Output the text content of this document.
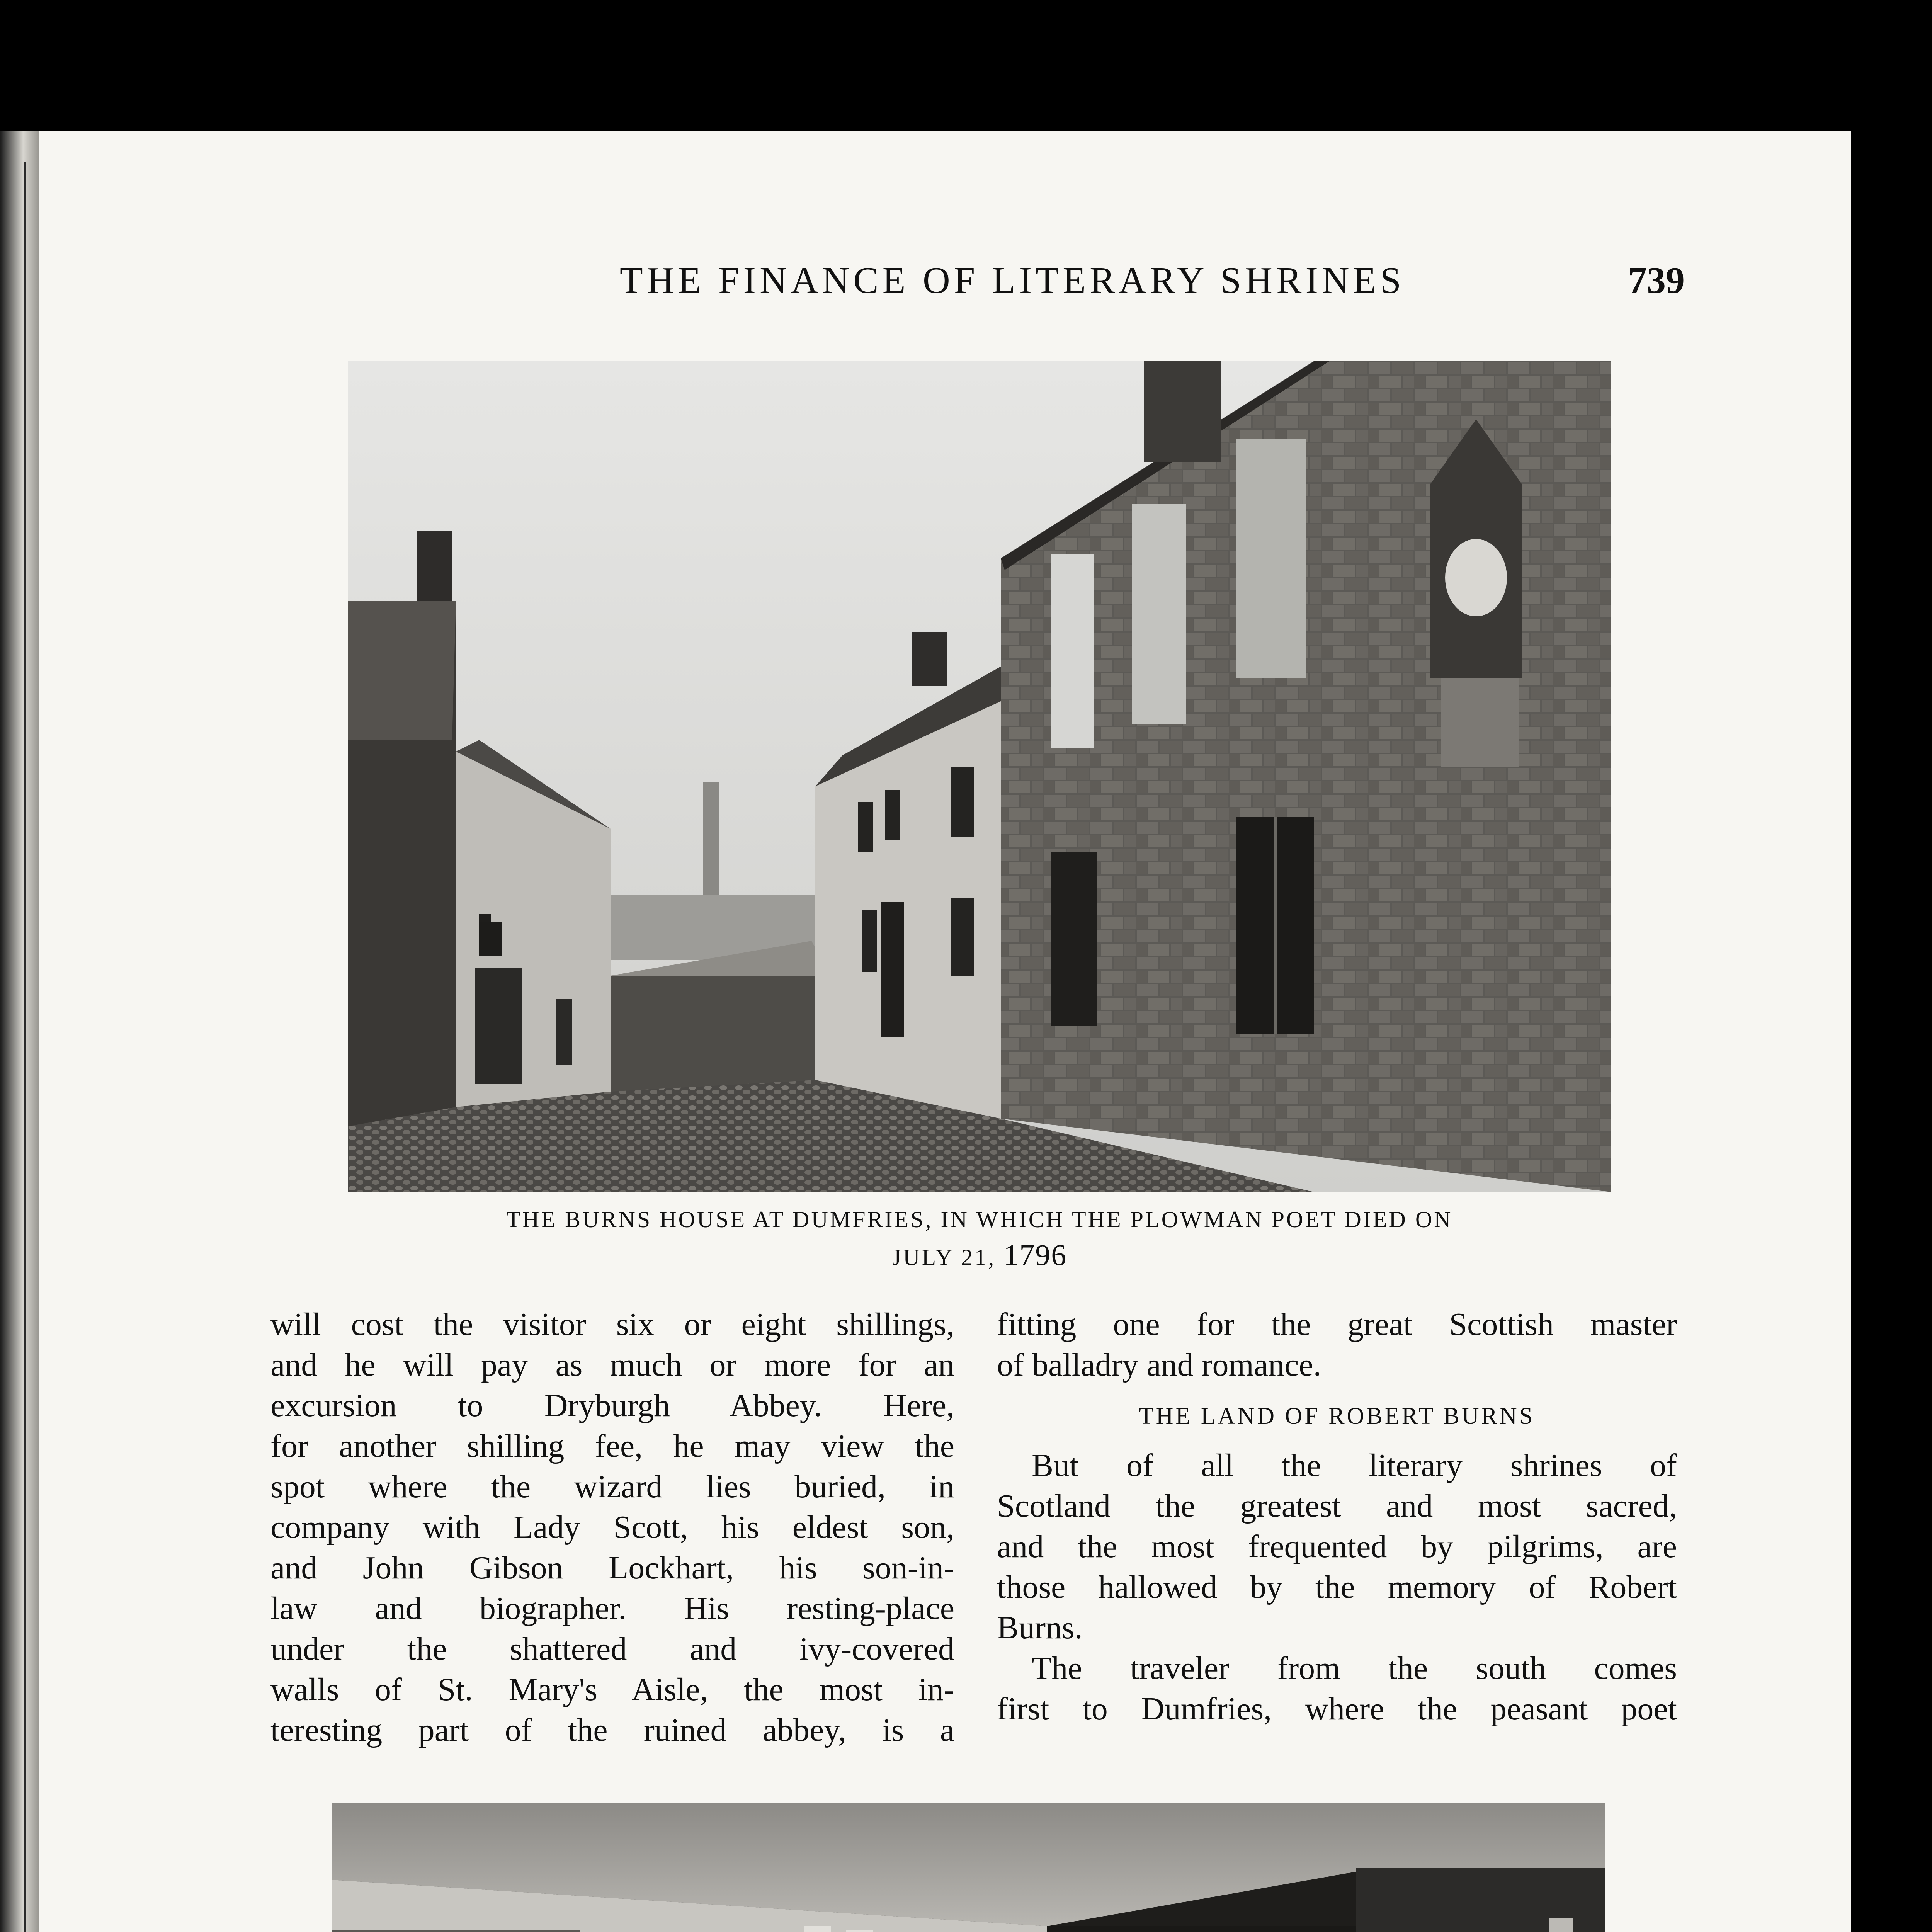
THE FINANCE OF LITERARY SHRINES	739
THE BURNS HOUSE AT DUMFRIES, IN WHICH THE PLOWMAN POET DIED ON
JULY 21, 1796
will cost the visitor six or eight shillings,
and he will pay as much or more for an
excursion to Dryburgh Abbey. Here,
for another shilling fee, he may view the
spot where the wizard lies buried, in
company with Lady Scott, his eldest son,
and John Gibson Lockhart, his son-in-
law and biographer. His resting-place
under the shattered and ivy-covered
walls of St. Mary's Aisle, the most in-
teresting part of the ruined abbey, is a
fitting one for the great Scottish master
of balladry and romance.
THE LAND OF ROBERT BURNS
But of all the literary shrines of
Scotland the greatest and most sacred,
and the most frequented by pilgrims, are
those hallowed by the memory of Robert
Burns.
The traveler from the south comes
first to Dumfries, where the peasant poet
